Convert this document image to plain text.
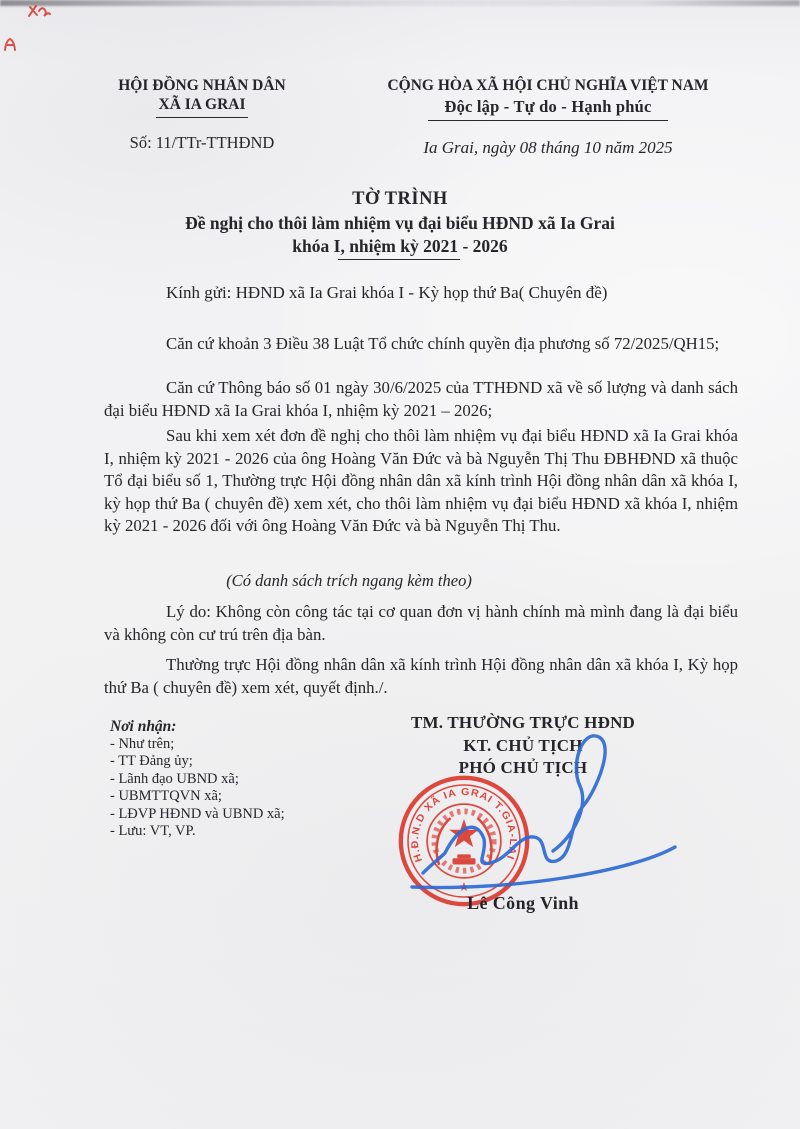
HỘI ĐỒNG NHÂN DÂN
XÃ IA GRAI
Số: 11/TTr-TTHĐND
CỘNG HÒA XÃ HỘI CHỦ NGHĨA VIỆT NAM
Độc lập - Tự do - Hạnh phúc
Ia Grai, ngày 08 tháng 10 năm 2025
TỜ TRÌNH
Đề nghị cho thôi làm nhiệm vụ đại biểu HĐND xã Ia Grai
khóa I, nhiệm kỳ 2021 - 2026
Kính gửi: HĐND xã Ia Grai khóa I - Kỳ họp thứ Ba( Chuyên đề)
Căn cứ khoản 3 Điều 38 Luật Tổ chức chính quyền địa phương số 72/2025/QH15;
Căn cứ Thông báo số 01 ngày 30/6/2025 của TTHĐND xã về số lượng và danh sách đại biểu HĐND xã Ia Grai khóa I, nhiệm kỳ 2021 – 2026;
Sau khi xem xét đơn đề nghị cho thôi làm nhiệm vụ đại biểu HĐND xã Ia Grai khóa I, nhiệm kỳ 2021 - 2026 của ông Hoàng Văn Đức và bà Nguyễn Thị Thu ĐBHĐND xã thuộc Tổ đại biểu số 1, Thường trực Hội đồng nhân dân xã kính trình Hội đồng nhân dân xã khóa I, kỳ họp thứ Ba ( chuyên đề) xem xét, cho thôi làm nhiệm vụ đại biểu HĐND xã khóa I, nhiệm kỳ 2021 - 2026 đối với ông Hoàng Văn Đức và bà Nguyễn Thị Thu.
(Có danh sách trích ngang kèm theo)
Lý do: Không còn công tác tại cơ quan đơn vị hành chính mà mình đang là đại biểu và không còn cư trú trên địa bàn.
Thường trực Hội đồng nhân dân xã kính trình Hội đồng nhân dân xã khóa I, Kỳ họp thứ Ba ( chuyên đề) xem xét, quyết định./.
Nơi nhận:
- Như trên;
- TT Đảng ủy;
- Lãnh đạo UBND xã;
- UBMTTQVN xã;
- LĐVP HĐND và UBND xã;
- Lưu: VT, VP.
TM. THƯỜNG TRỰC HĐND
KT. CHỦ TỊCH
PHÓ CHỦ TỊCH
H.Đ.N.D XÃ IA GRAI T.GIA-LAI
★
Lê Công Vinh
